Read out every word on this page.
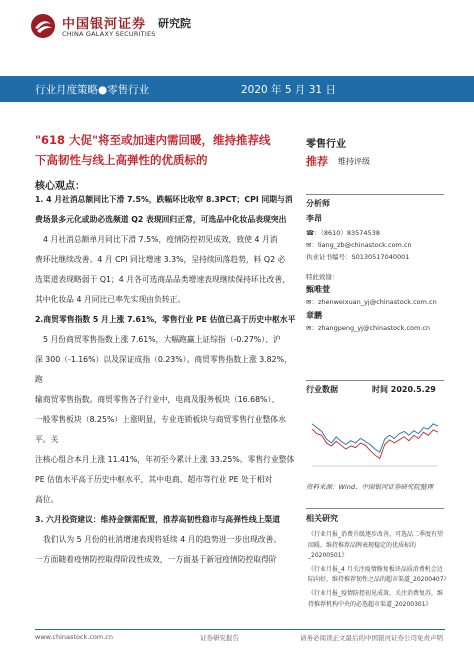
中国银河证券
CHINA GALAXY SECURITIES
研究院
行业月度策略●零售行业	2020 年 5 月 31 日
"618 大促"将至或加速内需回暖，维持推荐线
下高韧性与线上高弹性的优质标的
核心观点：

1. 4 月社消总额同比下滑 7.5%，跌幅环比收窄 8.3PCT；CPI 同期与消

费场景多元化或助必选频道 Q2 表现回归正常，可选品中化妆品表现突出

4 月社消总额单月同比下滑 7.5%，疫情防控初见成效，致使 4 月消

费环比继续改善。4 月 CPI 同比增速 3.3%，呈持续回落趋势，料 Q2 必

选渠道表现略弱于 Q1；4 月各可选商品品类增速表现继续保持环比改善，

其中化妆品 4 月同比已率先实现由负转正。

2.商贸零售指数 5 月上涨 7.61%，零售行业 PE 估值已高于历史中枢水平

5 月份商贸零售指数上涨 7.61%，大幅跑赢上证综指（-0.27%）、沪

深 300（-1.16%）以及深证成指（0.23%）。商贸零售指数上涨 3.82%，跑

输商贸零售指数。商贸零售各子行业中，电商及服务板块（16.68%）、

一般零售板块（8.25%）上涨明显，专业连锁板块与商贸零售行业整体水平。关

注核心组合本月上涨 11.41%，年初至今累计上涨 33.25%。零售行业整体

PE 估值水平高于历史中枢水平，其中电商、超市等行业 PE 处于相对

高位。

3. 六月投资建议：维持金额需配置，推荐高韧性稳市与高弹性线上渠道

我们认为 5 月份的社消增速表现将延续 4 月的趋势进一步出现改善。

一方面随着疫情防控取得阶段性成效，一方面基于新冠疫情防控取得阶

零售行业
推荐 维持评级
分析师
李昂
☎：（8610）83574538
✉：liang_zb@chinastock.com.cn
执业证书编号：S0130517040001
特此致谢：
甄唯萱
✉：zhenweixuan_yj@chinastock.com.cn
章鹏
✉：zhangpeng_yj@chinastock.com.cn
行业数据	时间 2020.5.29
资料来源：Wind、中国银河证券研究院整理
相关研究
《行业月报_消费升级逐步改善，可选品二季度有望回暖，维持推荐品牌表现稳定的优质标的_20200501》
《行业月报_4 月关注疫情修复板块品质消费机会边际向好，维持推荐韧性之品的超市渠道_20200407》
《行业月报_疫情防控初见成效，关注消费复苏，维持推荐机构中央的必选超市渠道_20200301》
www.chinastock.com.cn	证券研究报告	请务必阅读正文最后的中国银河证券公司免责声明
